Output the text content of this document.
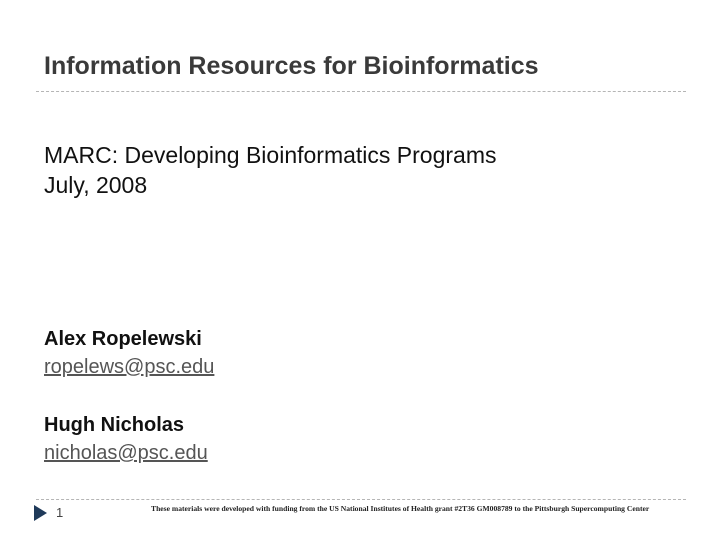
Information Resources for Bioinformatics
MARC: Developing Bioinformatics Programs
July, 2008
Alex Ropelewski
ropelews@psc.edu
Hugh Nicholas
nicholas@psc.edu
1	These materials were developed with funding from the US National Institutes of Health grant #2T36 GM008789 to the Pittsburgh Supercomputing Center
